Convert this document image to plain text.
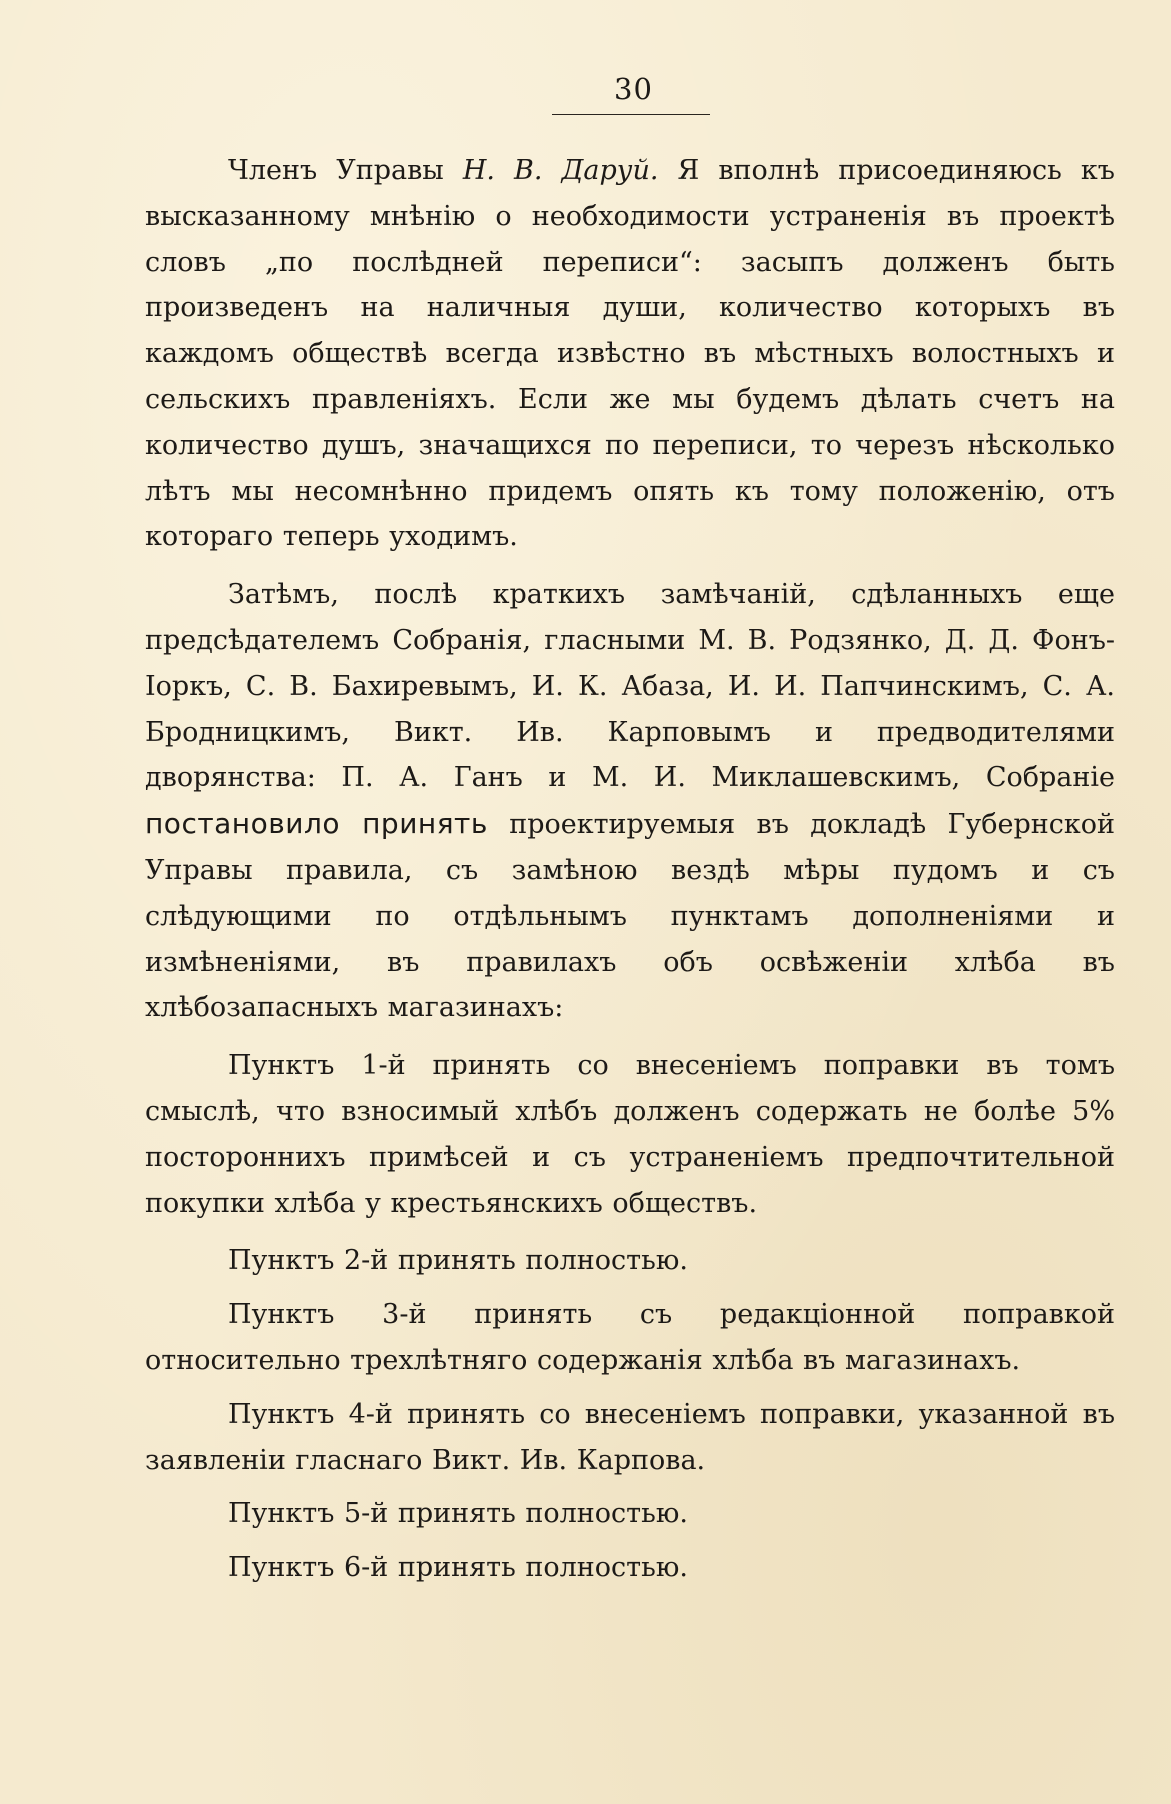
30

Членъ Управы Н. В. Даруй. Я вполнѣ присоединяюсь къ высказанному мнѣнію о необходимости устраненія въ проектѣ словъ „по послѣдней переписи“: засыпъ долженъ быть произведенъ на наличныя души, количество которыхъ въ каждомъ обществѣ всегда извѣстно въ мѣстныхъ волостныхъ и сельскихъ правленіяхъ. Если же мы будемъ дѣлать счетъ на количество душъ, значащихся по переписи, то черезъ нѣсколько лѣтъ мы несомнѣнно придемъ опять къ тому положенію, отъ котораго теперь уходимъ.

Затѣмъ, послѣ краткихъ замѣчаній, сдѣланныхъ еще предсѣдателемъ Собранія, гласными М. В. Родзянко, Д. Д. Фонъ-Іоркъ, С. В. Бахиревымъ, И. К. Абаза, И. И. Папчинскимъ, С. А. Бродницкимъ, Викт. Ив. Карповымъ и предводителями дворянства: П. А. Ганъ и М. И. Миклашевскимъ, Собраніе постановило принять проектируемыя въ докладѣ Губернской Управы правила, съ замѣною вездѣ мѣры пудомъ и съ слѣдующими по отдѣльнымъ пунктамъ дополненіями и измѣненіями, въ правилахъ объ освѣженіи хлѣба въ хлѣбозапасныхъ магазинахъ:

Пунктъ 1-й принять со внесеніемъ поправки въ томъ смыслѣ, что взносимый хлѣбъ долженъ содержать не болѣе 5% постороннихъ примѣсей и съ устраненіемъ предпочтительной покупки хлѣба у крестьянскихъ обществъ.

Пунктъ 2-й принять полностью.

Пунктъ 3-й принять съ редакціонной поправкой относительно трехлѣтняго содержанія хлѣба въ магазинахъ.

Пунктъ 4-й принять со внесеніемъ поправки, указанной въ заявленіи гласнаго Викт. Ив. Карпова.

Пунктъ 5-й принять полностью.

Пунктъ 6-й принять полностью.
